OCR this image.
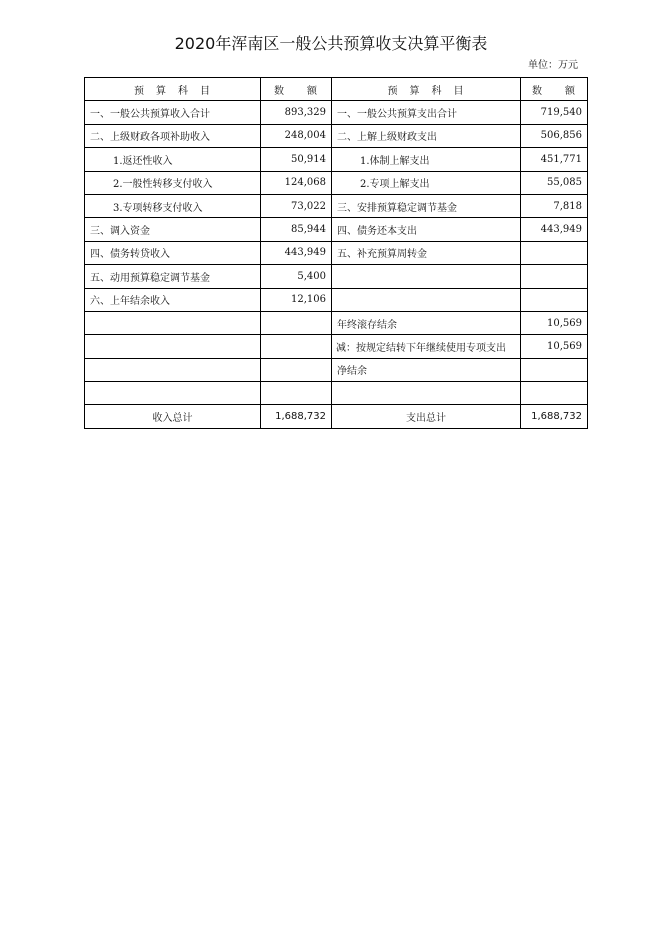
2020年浑南区一般公共预算收支决算平衡表
单位：万元
预　算　科　目	数　　额	预　算　科　目	数　　额
一、一般公共预算收入合计	893,329	一、一般公共预算支出合计	719,540
二、上级财政各项补助收入	248,004	二、上解上级财政支出	506,856
1.返还性收入	50,914	1.体制上解支出	451,771
2.一般性转移支付收入	124,068	2.专项上解支出	55,085
3.专项转移支付收入	73,022	三、安排预算稳定调节基金	7,818
三、调入资金	85,944	四、债务还本支出	443,949
四、债务转贷收入	443,949	五、补充预算周转金	
五、动用预算稳定调节基金	5,400		
六、上年结余收入	12,106		
		年终滚存结余	10,569
		减：按规定结转下年继续使用专项支出	10,569
		净结余	

收入总计	1,688,732	支出总计	1,688,732
